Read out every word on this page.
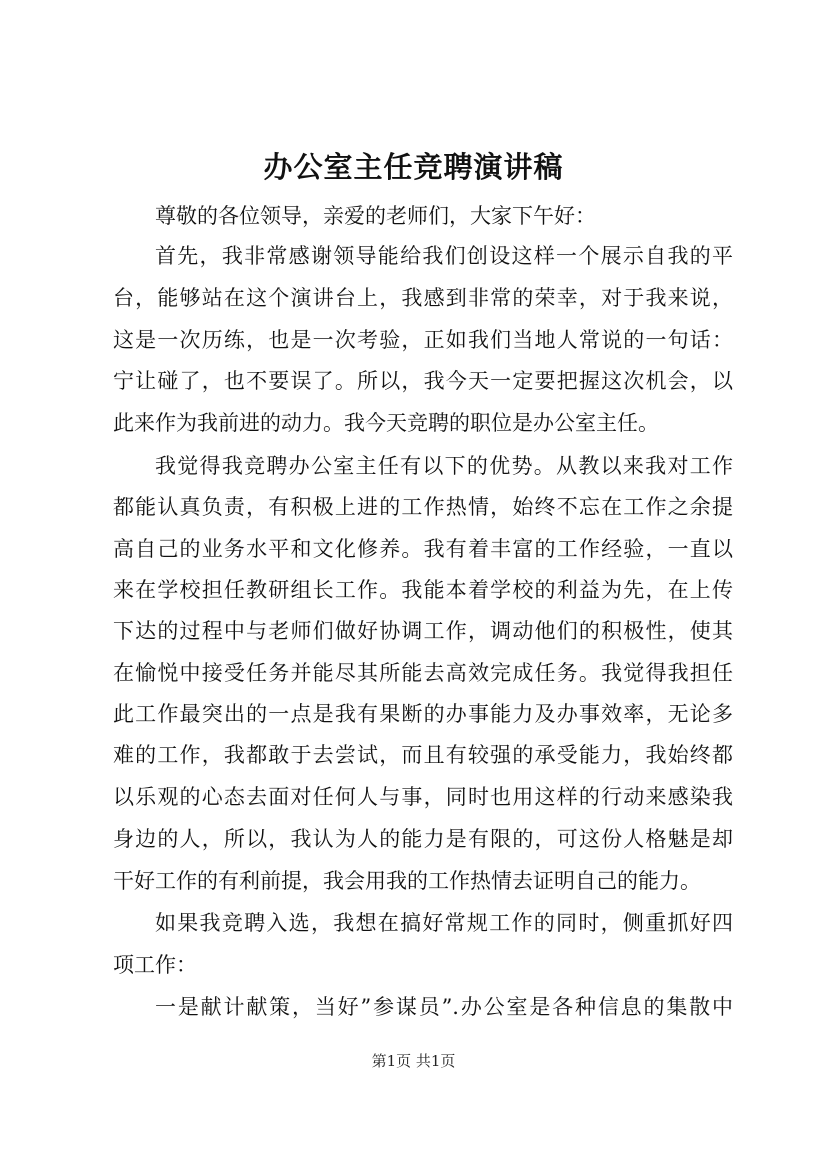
办公室主任竞聘演讲稿
尊敬的各位领导，亲爱的老师们，大家下午好：
首先，我非常感谢领导能给我们创设这样一个展示自我的平
台，能够站在这个演讲台上，我感到非常的荣幸，对于我来说，
这是一次历练，也是一次考验，正如我们当地人常说的一句话：
宁让碰了，也不要误了。所以，我今天一定要把握这次机会，以
此来作为我前进的动力。我今天竞聘的职位是办公室主任。
我觉得我竞聘办公室主任有以下的优势。从教以来我对工作
都能认真负责，有积极上进的工作热情，始终不忘在工作之余提
高自己的业务水平和文化修养。我有着丰富的工作经验，一直以
来在学校担任教研组长工作。我能本着学校的利益为先，在上传
下达的过程中与老师们做好协调工作，调动他们的积极性，使其
在愉悦中接受任务并能尽其所能去高效完成任务。我觉得我担任
此工作最突出的一点是我有果断的办事能力及办事效率，无论多
难的工作，我都敢于去尝试，而且有较强的承受能力，我始终都
以乐观的心态去面对任何人与事，同时也用这样的行动来感染我
身边的人，所以，我认为人的能力是有限的，可这份人格魅是却
干好工作的有利前提，我会用我的工作热情去证明自己的能力。
如果我竞聘入选，我想在搞好常规工作的同时，侧重抓好四
项工作：
一是献计献策，当好”参谋员”.办公室是各种信息的集散中
第1页 共1页
